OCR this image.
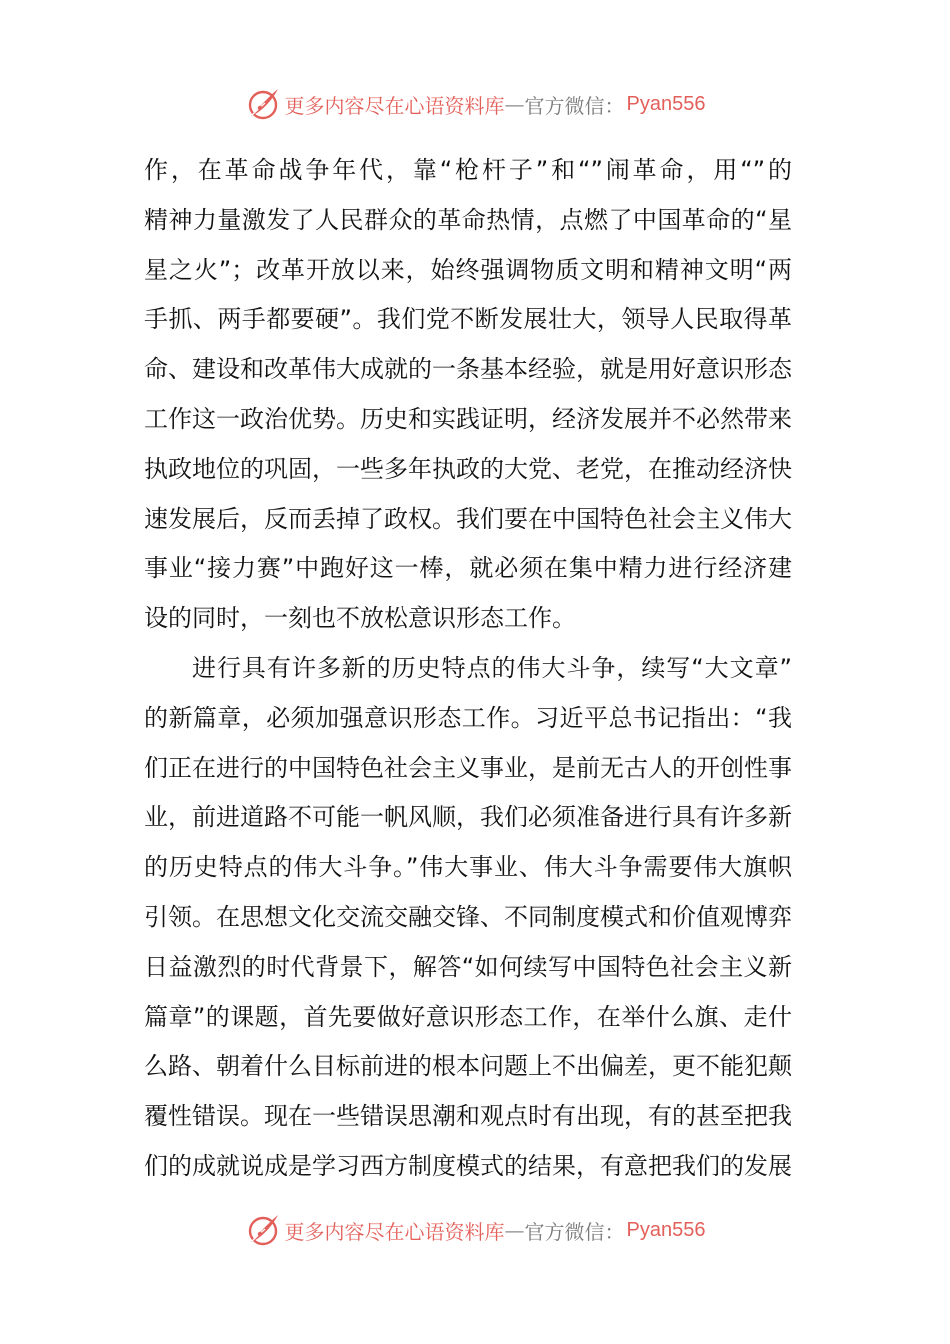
更多内容尽在心语资料库 — 官方微信： Pyan556
作，在革命战争年代，靠“枪杆子”和“”闹革命，用“”的
精神力量激发了人民群众的革命热情，点燃了中国革命的“星
星之火”；改革开放以来，始终强调物质文明和精神文明“两
手抓、两手都要硬”。我们党不断发展壮大，领导人民取得革
命、建设和改革伟大成就的一条基本经验，就是用好意识形态
工作这一政治优势。历史和实践证明，经济发展并不必然带来
执政地位的巩固，一些多年执政的大党、老党，在推动经济快
速发展后，反而丢掉了政权。我们要在中国特色社会主义伟大
事业“接力赛”中跑好这一棒，就必须在集中精力进行经济建
设的同时，一刻也不放松意识形态工作。
进行具有许多新的历史特点的伟大斗争，续写“大文章”
的新篇章，必须加强意识形态工作。习近平总书记指出：“我
们正在进行的中国特色社会主义事业，是前无古人的开创性事
业，前进道路不可能一帆风顺，我们必须准备进行具有许多新
的历史特点的伟大斗争。”伟大事业、伟大斗争需要伟大旗帜
引领。在思想文化交流交融交锋、不同制度模式和价值观博弈
日益激烈的时代背景下，解答“如何续写中国特色社会主义新
篇章”的课题，首先要做好意识形态工作，在举什么旗、走什
么路、朝着什么目标前进的根本问题上不出偏差，更不能犯颠
覆性错误。现在一些错误思潮和观点时有出现，有的甚至把我
们的成就说成是学习西方制度模式的结果，有意把我们的发展
更多内容尽在心语资料库 — 官方微信： Pyan556
